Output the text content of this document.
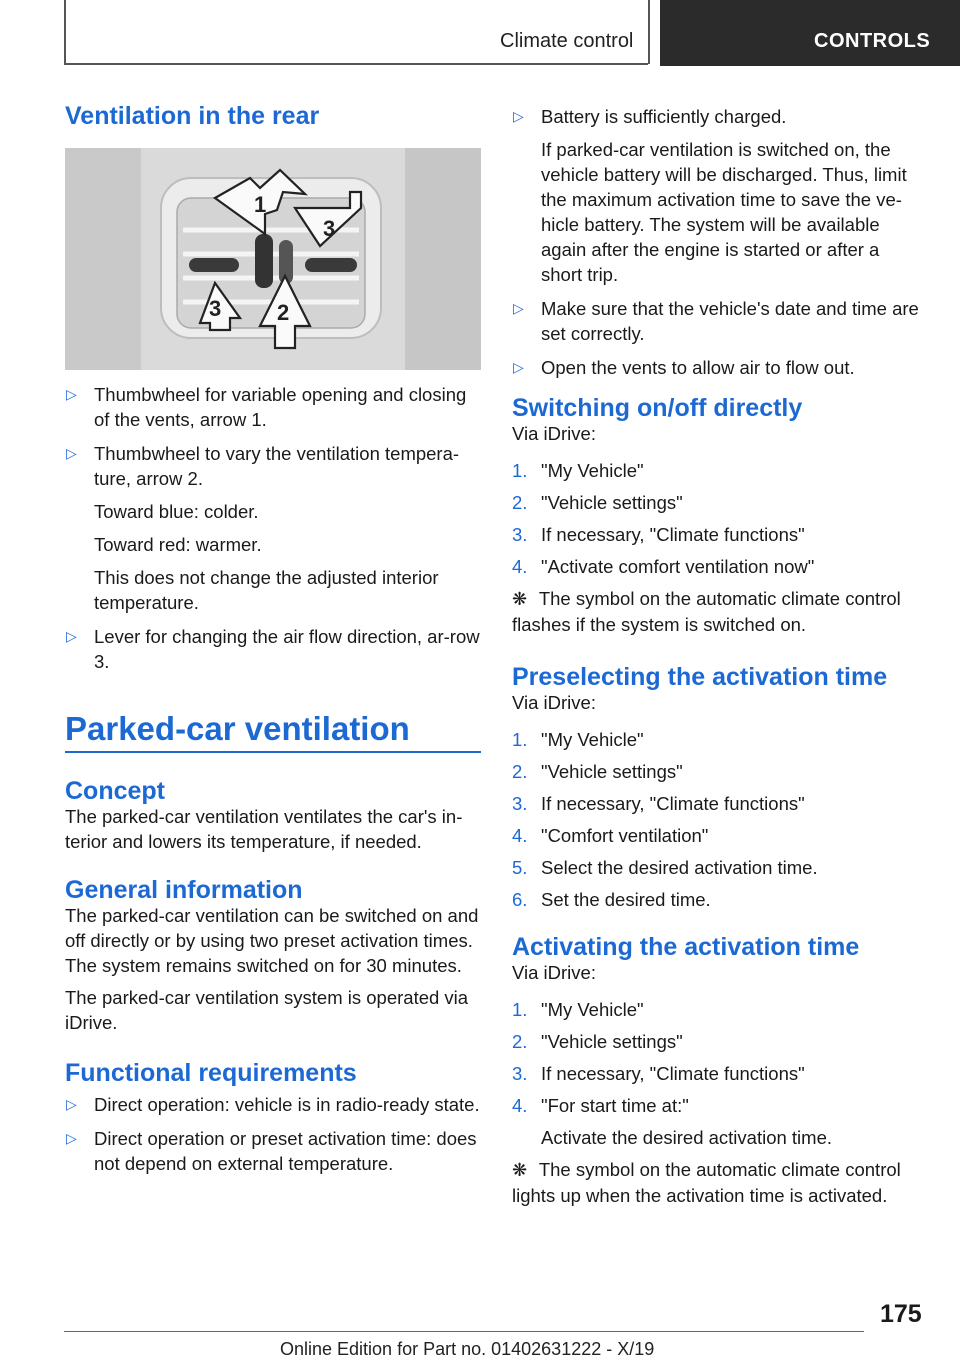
Climate control	CONTROLS
Ventilation in the rear
1
3
3	2
▷ Thumbwheel for variable opening and closing of the vents, arrow 1.
▷ Thumbwheel to vary the ventilation tempera-ture, arrow 2.

Toward blue: colder.

Toward red: warmer.

This does not change the adjusted interior temperature.

▷ Lever for changing the air flow direction, ar-row 3.
Parked-car ventilation
Concept

The parked-car ventilation ventilates the car's in-terior and lowers its temperature, if needed.

General information

The parked-car ventilation can be switched on and off directly or by using two preset activation times. The system remains switched on for 30 minutes.

The parked-car ventilation system is operated via iDrive.

Functional requirements
▷ Direct operation: vehicle is in radio-ready state.
▷ Direct operation or preset activation time: does not depend on external temperature.
▷ Battery is sufficiently charged.

If parked-car ventilation is switched on, the vehicle battery will be discharged. Thus, limit the maximum activation time to save the ve-hicle battery. The system will be available again after the engine is started or after a short trip.

▷ Make sure that the vehicle's date and time are set correctly.
▷ Open the vents to allow air to flow out.
Switching on/off directly

Via iDrive:

1. "My Vehicle"
2. "Vehicle settings"
3. If necessary, "Climate functions"
4. "Activate comfort ventilation now"

❋ The symbol on the automatic climate control flashes if the system is switched on.

Preselecting the activation time

Via iDrive:

1. "My Vehicle"
2. "Vehicle settings"
3. If necessary, "Climate functions"
4. "Comfort ventilation"
5. Select the desired activation time.
6. Set the desired time.
Activating the activation time

Via iDrive:

1. "My Vehicle"
2. "Vehicle settings"
3. If necessary, "Climate functions"
4. "For start time at:"
Activate the desired activation time.

❋ The symbol on the automatic climate control lights up when the activation time is activated.

175
Online Edition for Part no. 01402631222 - X/19
